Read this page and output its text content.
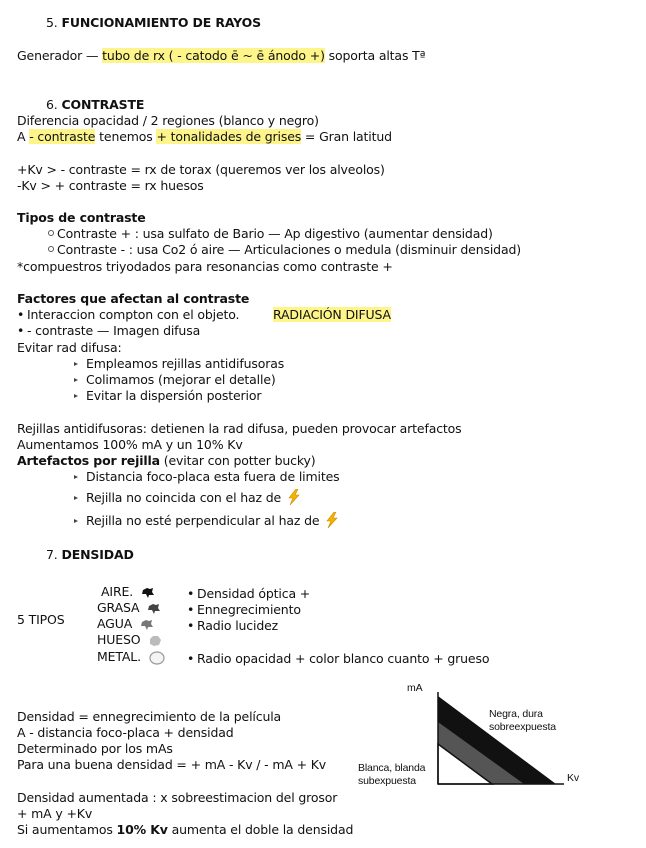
5. FUNCIONAMIENTO DE RAYOS
Generador — tubo de rx ( - catodo ē ~ ē ánodo +) soporta altas Tª
6. CONTRASTE
Diferencia opacidad / 2 regiones (blanco y negro)
A - contraste tenemos + tonalidades de grises = Gran latitud
+Kv > - contraste = rx de torax (queremos ver los alveolos)
-Kv > + contraste = rx huesos
Tipos de contraste
Contraste + : usa sulfato de Bario — Ap digestivo (aumentar densidad)
Contraste - : usa Co2 ó aire — Articulaciones o medula (disminuir densidad)
*compuestros triyodados para resonancias como contraste +
Factores que afectan al contraste
• Interaccion compton con el objeto.	RADIACIÓN DIFUSA
• - contraste — Imagen difusa
Evitar rad difusa:
Empleamos rejillas antidifusoras
Colimamos (mejorar el detalle)
Evitar la dispersión posterior
Rejillas antidifusoras: detienen la rad difusa, pueden provocar artefactos
Aumentamos 100% mA y un 10% Kv
Artefactos por rejilla (evitar con potter bucky)
Distancia foco-placa esta fuera de limites
Rejilla no coincida con el haz de
Rejilla no esté perpendicular al haz de
7. DENSIDAD
5 TIPOS
AIRE.
GRASA
AGUA
HUESO
METAL.
• Densidad óptica +
• Ennegrecimiento
• Radio lucidez
• Radio opacidad + color blanco cuanto + grueso
Densidad = ennegrecimiento de la película
A - distancia foco-placa + densidad
Determinado por los mAs
Para una buena densidad = + mA - Kv / - mA + Kv
Densidad aumentada : x sobreestimacion del grosor
+ mA y +Kv
Si aumentamos 10% Kv aumenta el doble la densidad
mA
Kv
Negra, dura
sobreexpuesta
Blanca, blanda
subexpuesta
